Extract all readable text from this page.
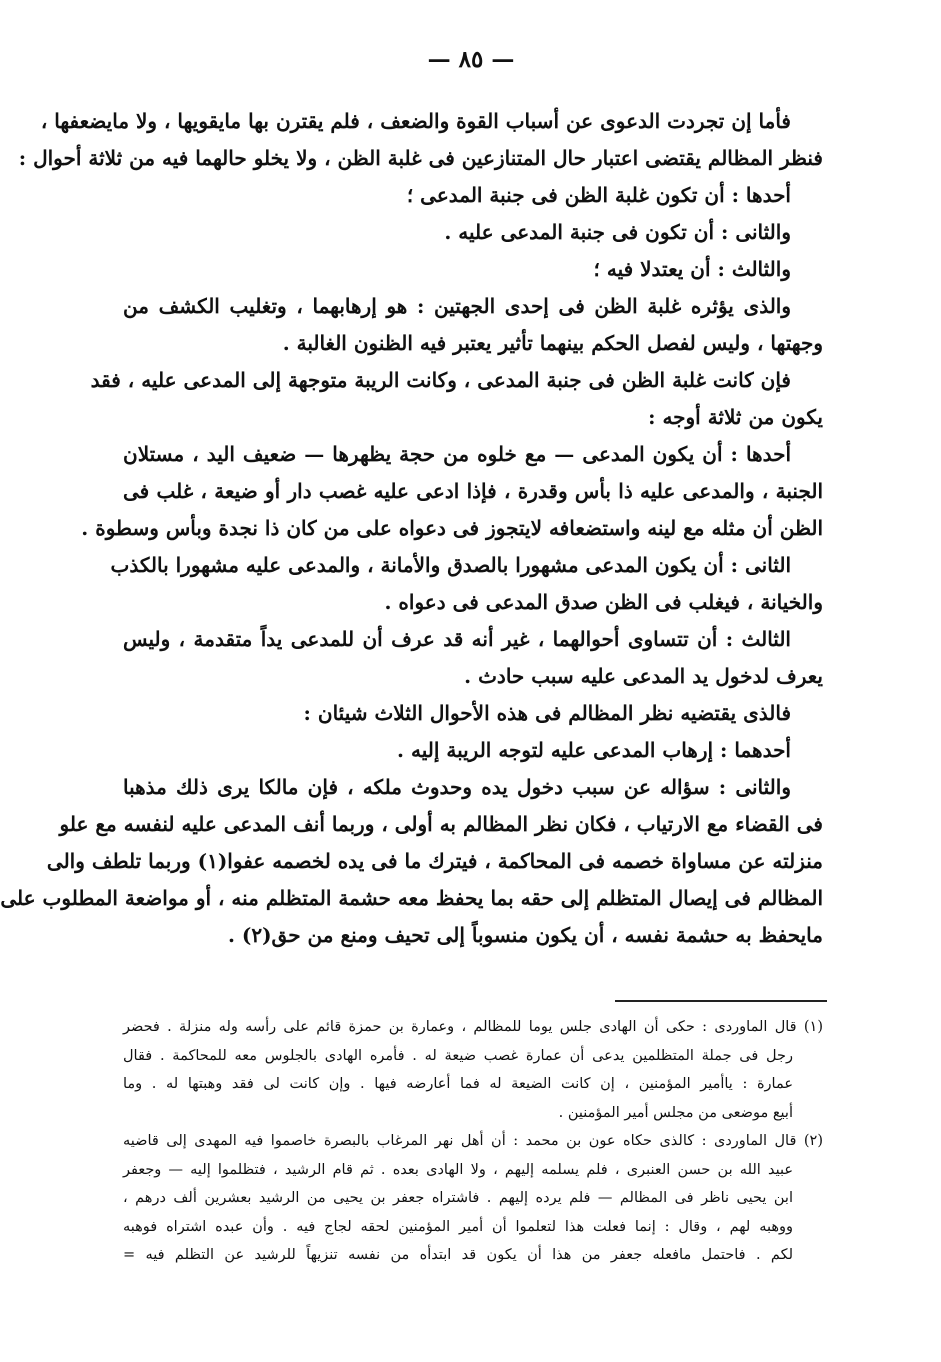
— ٨٥ —
فأما إن تجردت الدعوى عن أسباب القوة والضعف ، فلم يقترن بها مايقويها ، ولا مايضعفها ،
فنظر المظالم يقتضى اعتبار حال المتنازعين فى غلبة الظن ، ولا يخلو حالهما فيه من ثلاثة أحوال :
أحدها : أن تكون غلبة الظن فى جنبة المدعى ؛
والثانى : أن تكون فى جنبة المدعى عليه .
والثالث : أن يعتدلا فيه ؛
والذى يؤثره غلبة الظن فى إحدى الجهتين : هو إرهابهما ، وتغليب الكشف من
وجهتها ، وليس لفصل الحكم بينهما تأثير يعتبر فيه الظنون الغالبة .
فإن كانت غلبة الظن فى جنبة المدعى ، وكانت الريبة متوجهة إلى المدعى عليه ، فقد
يكون من ثلاثة أوجه :
أحدها : أن يكون المدعى — مع خلوه من حجة يظهرها — ضعيف اليد ، مستلان
الجنبة ، والمدعى عليه ذا بأس وقدرة ، فإذا ادعى عليه غصب دار أو ضيعة ، غلب فى
الظن أن مثله مع لينه واستضعافه لايتجوز فى دعواه على من كان ذا نجدة وبأس وسطوة .
الثانى : أن يكون المدعى مشهورا بالصدق والأمانة ، والمدعى عليه مشهورا بالكذب
والخيانة ، فيغلب فى الظن صدق المدعى فى دعواه .
الثالث : أن تتساوى أحوالهما ، غير أنه قد عرف أن للمدعى يداً متقدمة ، وليس
يعرف لدخول يد المدعى عليه سبب حادث .
فالذى يقتضيه نظر المظالم فى هذه الأحوال الثلاث شيئان :
أحدهما : إرهاب المدعى عليه لتوجه الريبة إليه .
والثانى : سؤاله عن سبب دخول يده وحدوث ملكه ، فإن مالكا يرى ذلك مذهبا
فى القضاء مع الارتياب ، فكان نظر المظالم به أولى ، وربما أنف المدعى عليه لنفسه مع علو
منزلته عن مساواة خصمه فى المحاكمة ، فيترك ما فى يده لخصمه عفوا(١) وربما تلطف والى
المظالم فى إيصال المتظلم إلى حقه بما يحفظ معه حشمة المتظلم منه ، أو مواضعة المطلوب على
مايحفظ به حشمة نفسه ، أن يكون منسوباً إلى تحيف ومنع من حق(٢) .
(١) قال الماوردى : حكى أن الهادى جلس يوما للمظالم ، وعمارة بن حمزة قائم على رأسه وله منزلة . فحضر
رجل فى جملة المتظلمين يدعى أن عمارة غصب ضيعة له . فأمره الهادى بالجلوس معه للمحاكمة . فقال
عمارة : ياأمير المؤمنين ، إن كانت الضيعة له فما أعارضه فيها . وإن كانت لى فقد وهبتها له . وما
أبيع موضعى من مجلس أمير المؤمنين .
(٢) قال الماوردى : كالذى حكاه عون بن محمد : أن أهل نهر المرغاب بالبصرة خاصموا فيه المهدى إلى قاضيه
عبيد الله بن حسن العنبرى ، فلم يسلمه إليهم ، ولا الهادى بعده . ثم قام الرشيد ، فتظلموا إليه — وجعفر
ابن يحيى ناظر فى المظالم — فلم يرده إليهم . فاشتراه جعفر بن يحيى من الرشيد بعشرين ألف درهم ،
ووهبه لهم ، وقال : إنما فعلت هذا لتعلموا أن أمير المؤمنين لحقه لجاج فيه . وأن عبده اشتراه فوهبه
لكم . فاحتمل مافعله جعفر من هذا أن يكون قد ابتدأه من نفسه تنزيهاً للرشيد عن التظلم فيه =
